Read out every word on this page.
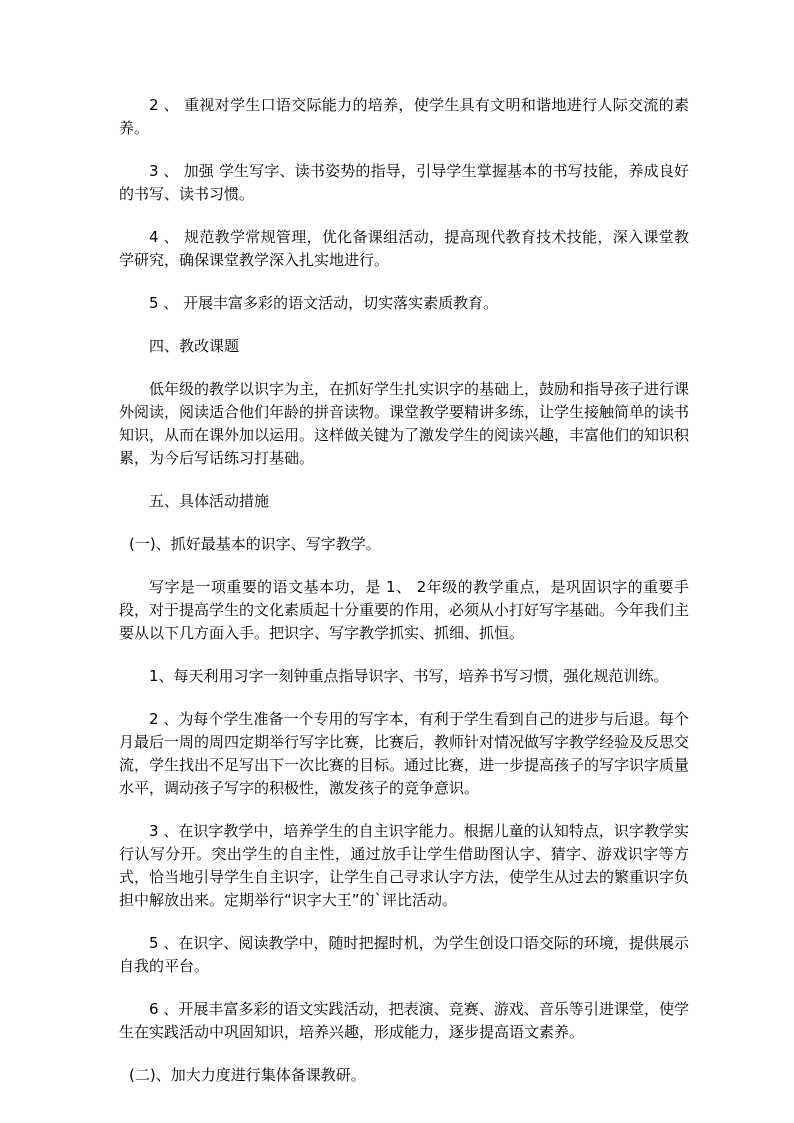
2 、 重视对学生口语交际能力的培养，使学生具有文明和谐地进行人际交流的素养。

3 、 加强 学生写字、读书姿势的指导，引导学生掌握基本的书写技能，养成良好的书写、读书习惯。

4 、 规范教学常规管理，优化备课组活动，提高现代教育技术技能，深入课堂教学研究，确保课堂教学深入扎实地进行。

5 、 开展丰富多彩的语文活动，切实落实素质教育。

四、教改课题

低年级的教学以识字为主，在抓好学生扎实识字的基础上，鼓励和指导孩子进行课外阅读，阅读适合他们年龄的拼音读物。课堂教学要精讲多练，让学生接触简单的读书知识，从而在课外加以运用。这样做关键为了激发学生的阅读兴趣，丰富他们的知识积累，为今后写话练习打基础。

五、具体活动措施

(一)、抓好最基本的识字、写字教学。

写字是一项重要的语文基本功，是 1、 2年级的教学重点，是巩固识字的重要手段，对于提高学生的文化素质起十分重要的作用，必须从小打好写字基础。今年我们主要从以下几方面入手。把识字、写字教学抓实、抓细、抓恒。

1、每天利用习字一刻钟重点指导识字、书写，培养书写习惯，强化规范训练。

2 、为每个学生准备一个专用的写字本，有利于学生看到自己的进步与后退。每个月最后一周的周四定期举行写字比赛，比赛后，教师针对情况做写字教学经验及反思交流，学生找出不足写出下一次比赛的目标。通过比赛，进一步提高孩子的写字识字质量水平，调动孩子写字的积极性，激发孩子的竞争意识。

3 、在识字教学中，培养学生的自主识字能力。根据儿童的认知特点，识字教学实行认写分开。突出学生的自主性，通过放手让学生借助图认字、猜字、游戏识字等方式，恰当地引导学生自主识字，让学生自己寻求认字方法，使学生从过去的繁重识字负担中解放出来。定期举行“识字大王”的`评比活动。

5 、在识字、阅读教学中，随时把握时机，为学生创设口语交际的环境，提供展示自我的平台。

6 、开展丰富多彩的语文实践活动，把表演、竞赛、游戏、音乐等引进课堂，使学生在实践活动中巩固知识，培养兴趣，形成能力，逐步提高语文素养。

(二)、加大力度进行集体备课教研。
